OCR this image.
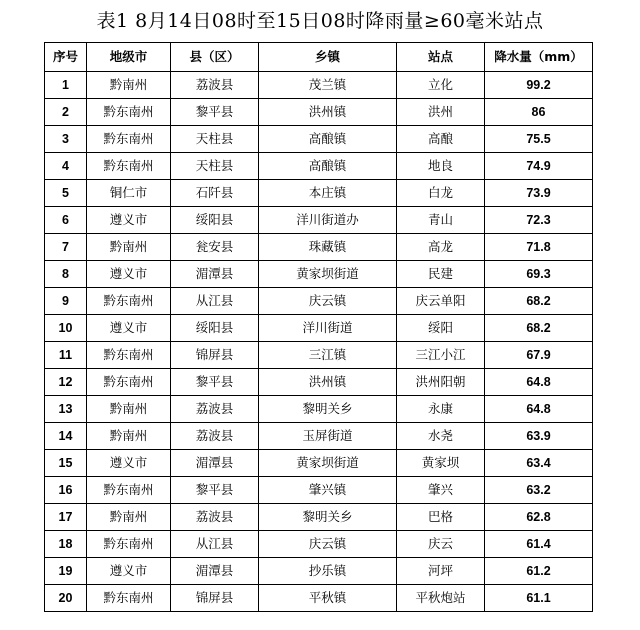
表1 8月14日08时至15日08时降雨量≥60毫米站点
序号	地级市	县（区）	乡镇	站点	降水量（mm）
1	黔南州	荔波县	茂兰镇	立化	99.2
2	黔东南州	黎平县	洪州镇	洪州	86
3	黔东南州	天柱县	高酿镇	高酿	75.5
4	黔东南州	天柱县	高酿镇	地良	74.9
5	铜仁市	石阡县	本庄镇	白龙	73.9
6	遵义市	绥阳县	洋川街道办	青山	72.3
7	黔南州	瓮安县	珠藏镇	高龙	71.8
8	遵义市	湄潭县	黄家坝街道	民建	69.3
9	黔东南州	从江县	庆云镇	庆云单阳	68.2
10	遵义市	绥阳县	洋川街道	绥阳	68.2
11	黔东南州	锦屏县	三江镇	三江小江	67.9
12	黔东南州	黎平县	洪州镇	洪州阳朝	64.8
13	黔南州	荔波县	黎明关乡	永康	64.8
14	黔南州	荔波县	玉屏街道	水尧	63.9
15	遵义市	湄潭县	黄家坝街道	黄家坝	63.4
16	黔东南州	黎平县	肇兴镇	肇兴	63.2
17	黔南州	荔波县	黎明关乡	巴格	62.8
18	黔东南州	从江县	庆云镇	庆云	61.4
19	遵义市	湄潭县	抄乐镇	河坪	61.2
20	黔东南州	锦屏县	平秋镇	平秋炮站	61.1
